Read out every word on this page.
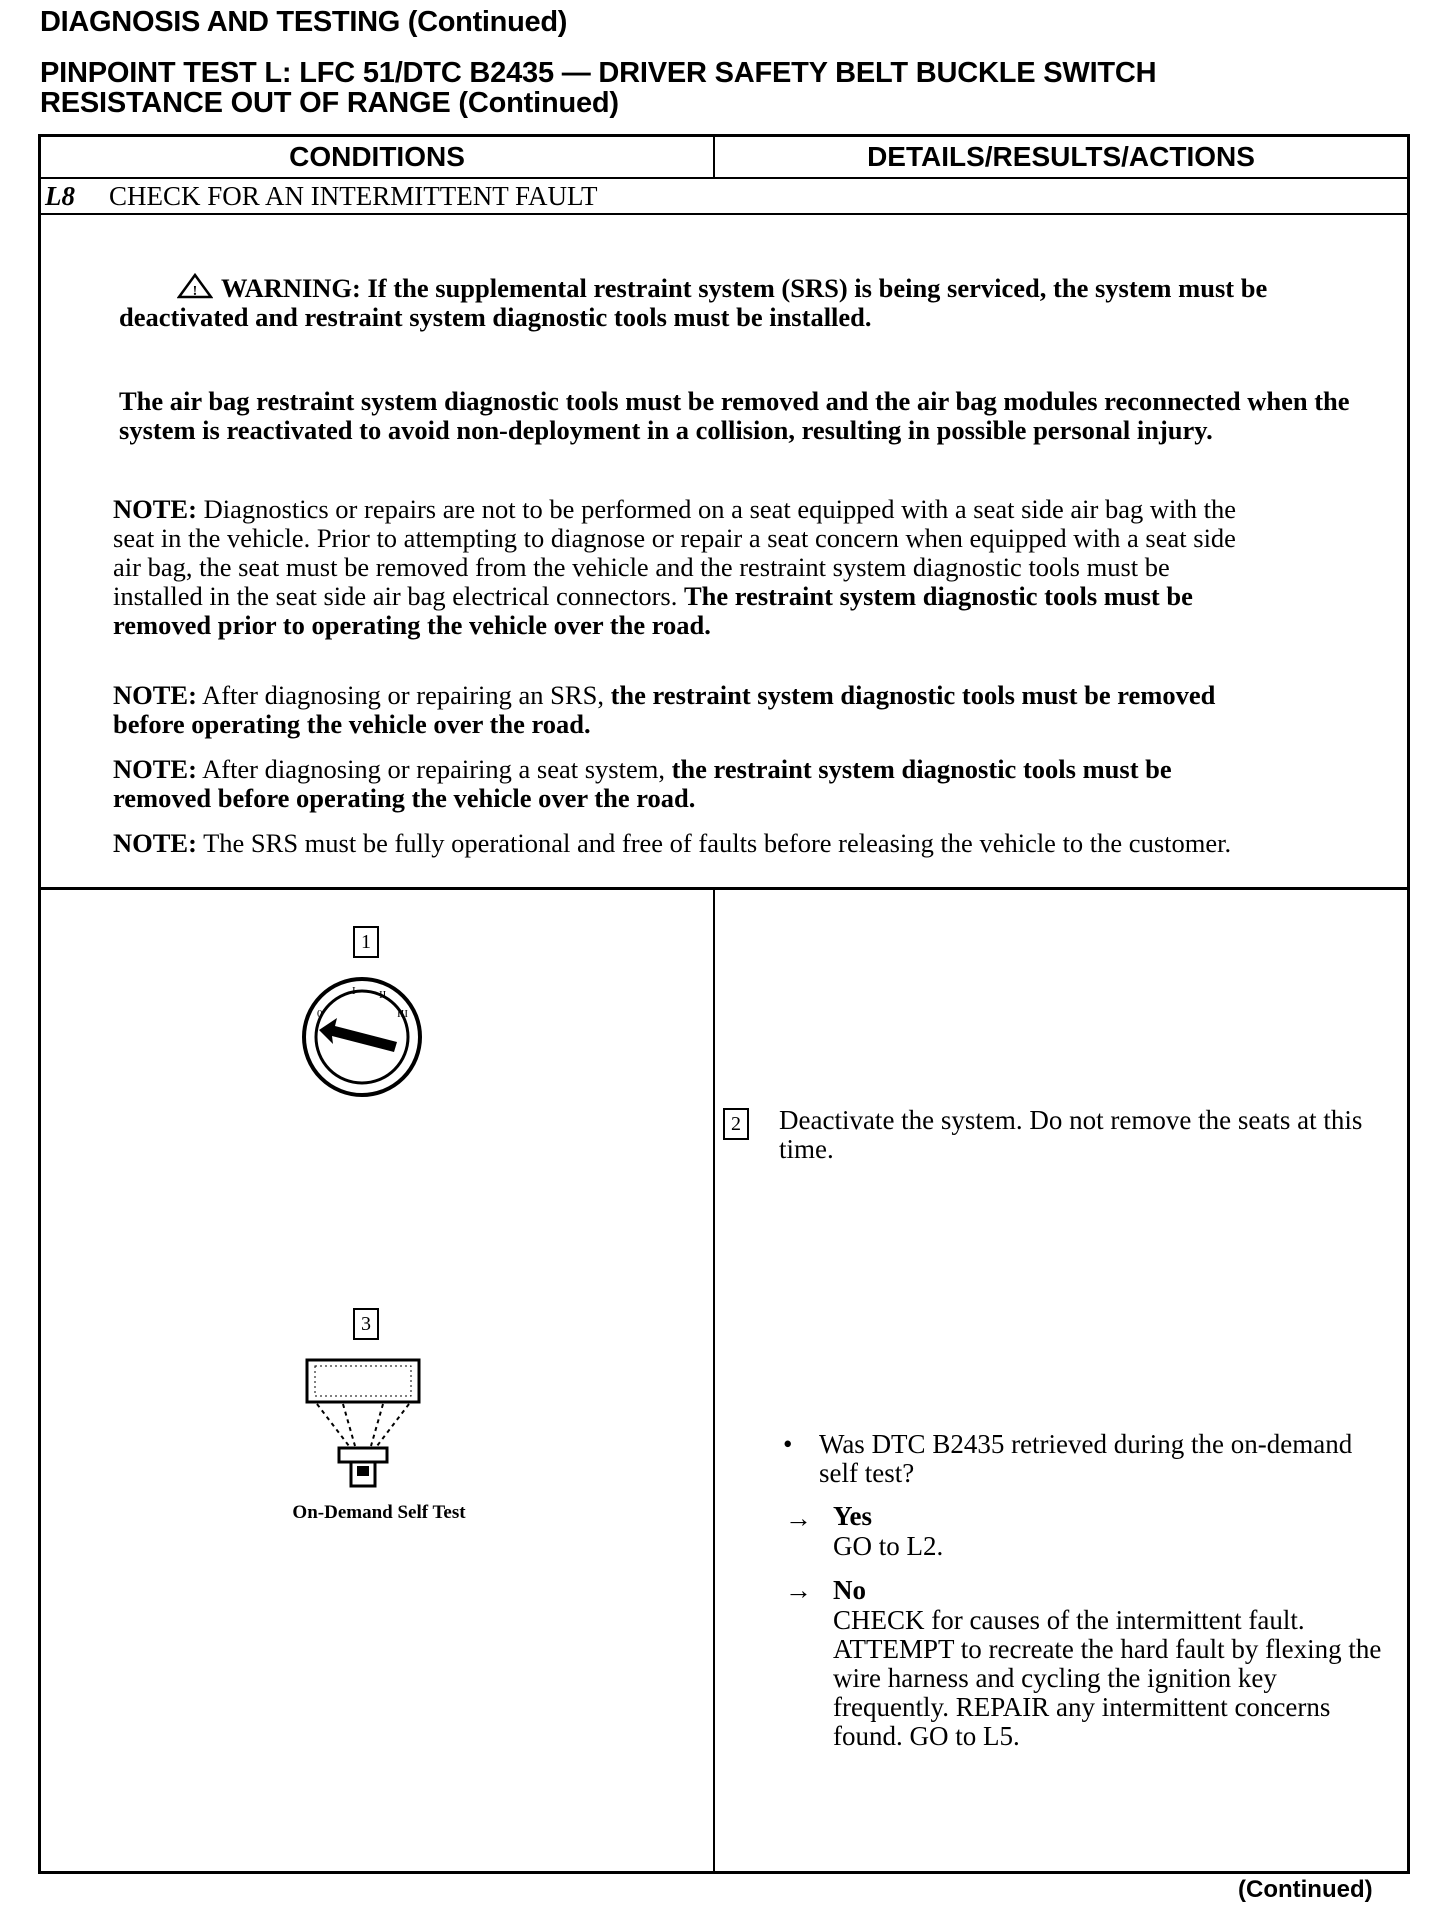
DIAGNOSIS AND TESTING (Continued)
PINPOINT TEST L: LFC 51/DTC B2435 — DRIVER SAFETY BELT BUCKLE SWITCH RESISTANCE OUT OF RANGE (Continued)
CONDITIONS	DETAILS/RESULTS/ACTIONS
L8 CHECK FOR AN INTERMITTENT FAULT
! WARNING: If the supplemental restraint system (SRS) is being serviced, the system must be deactivated and restraint system diagnostic tools must be installed.
The air bag restraint system diagnostic tools must be removed and the air bag modules reconnected when the system is reactivated to avoid non-deployment in a collision, resulting in possible personal injury.
NOTE: Diagnostics or repairs are not to be performed on a seat equipped with a seat side air bag with the seat in the vehicle. Prior to attempting to diagnose or repair a seat concern when equipped with a seat side air bag, the seat must be removed from the vehicle and the restraint system diagnostic tools must be installed in the seat side air bag electrical connectors. The restraint system diagnostic tools must be removed prior to operating the vehicle over the road.
NOTE: After diagnosing or repairing an SRS, the restraint system diagnostic tools must be removed before operating the vehicle over the road.
NOTE: After diagnosing or repairing a seat system, the restraint system diagnostic tools must be removed before operating the vehicle over the road.
NOTE: The SRS must be fully operational and free of faults before releasing the vehicle to the customer.
1
0
I II
III
3
On-Demand Self Test
2 Deactivate the system. Do not remove the seats at this time.
• Was DTC B2435 retrieved during the on-demand self test?
→ Yes
GO to L2.
→ No
CHECK for causes of the intermittent fault. ATTEMPT to recreate the hard fault by flexing the wire harness and cycling the ignition key frequently. REPAIR any intermittent concerns found. GO to L5.
(Continued)
